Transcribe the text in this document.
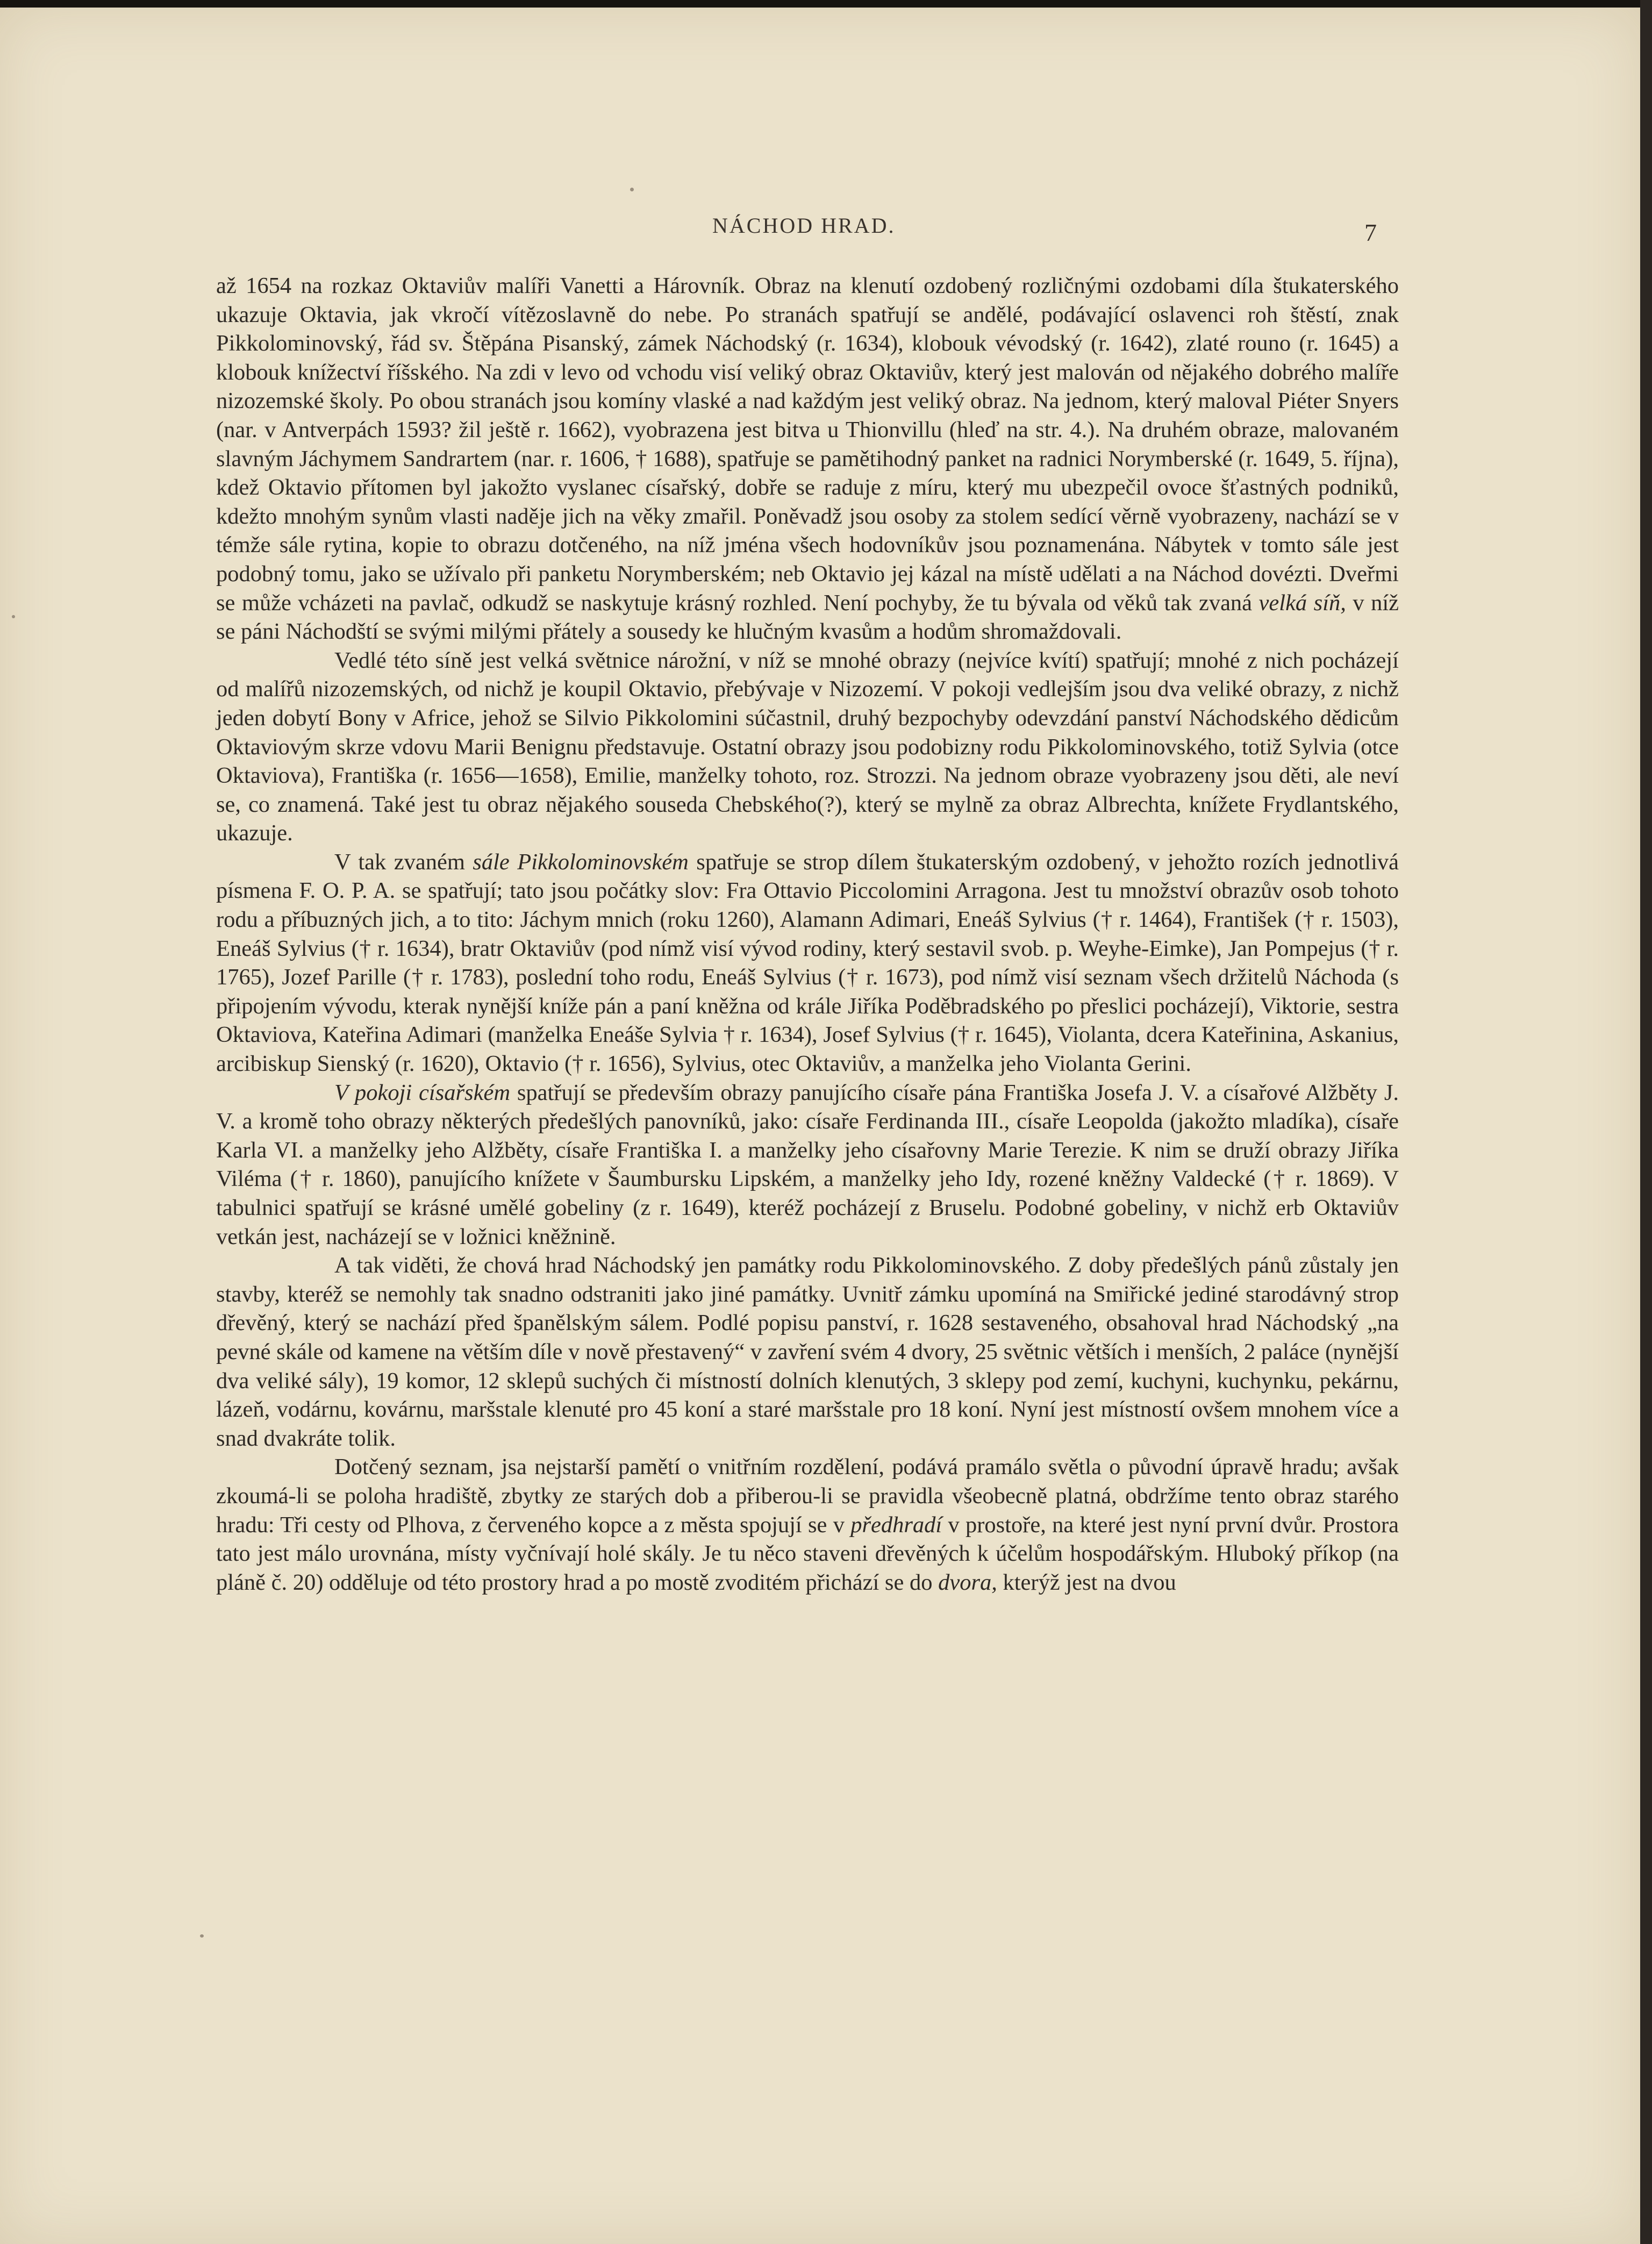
NÁCHOD HRAD.	7

až 1654 na rozkaz Oktaviův malíři Vanetti a Hárovník. Obraz na klenutí ozdobený rozličnými ozdobami díla štukaterského ukazuje Oktavia, jak vkročí vítězoslavně do nebe. Po stranách spatřují se andělé, podávající oslavenci roh štěstí, znak Pikkolominovský, řád sv. Štěpána Pisanský, zámek Náchodský (r. 1634), klobouk vévodský (r. 1642), zlaté rouno (r. 1645) a klobouk knížectví říšského. Na zdi v levo od vchodu visí veliký obraz Oktaviův, který jest malován od nějakého dobrého malíře nizozemské školy. Po obou stranách jsou komíny vlaské a nad každým jest veliký obraz. Na jednom, který maloval Piéter Snyers (nar. v Antverpách 1593? žil ještě r. 1662), vyobrazena jest bitva u Thionvillu (hleď na str. 4.). Na druhém obraze, malovaném slavným Jáchymem Sandrartem (nar. r. 1606, † 1688), spatřuje se pamětihodný panket na radnici Norymberské (r. 1649, 5. října), kdež Oktavio přítomen byl jakožto vyslanec císařský, dobře se raduje z míru, který mu ubezpečil ovoce šťastných podniků, kdežto mnohým synům vlasti naděje jich na věky zmařil. Poněvadž jsou osoby za stolem sedící věrně vyobrazeny, nachází se v témže sále rytina, kopie to obrazu dotčeného, na níž jména všech hodovníkův jsou poznamenána. Nábytek v tomto sále jest podobný tomu, jako se užívalo při panketu Norymberském; neb Oktavio jej kázal na místě udělati a na Náchod dovézti. Dveřmi se může vcházeti na pavlač, odkudž se naskytuje krásný rozhled. Není pochyby, že tu bývala od věků tak zvaná velká síň, v níž se páni Náchodští se svými milými přátely a sousedy ke hlučným kvasům a hodům shromaždovali.

Vedlé této síně jest velká světnice nárožní, v níž se mnohé obrazy (nejvíce kvítí) spatřují; mnohé z nich pocházejí od malířů nizozemských, od nichž je koupil Oktavio, přebývaje v Nizozemí. V pokoji vedlejším jsou dva veliké obrazy, z nichž jeden dobytí Bony v Africe, jehož se Silvio Pikkolomini súčastnil, druhý bezpochyby odevzdání panství Náchodského dědicům Oktaviovým skrze vdovu Marii Benignu představuje. Ostatní obrazy jsou podobizny rodu Pikkolominovského, totiž Sylvia (otce Oktaviova), Františka (r. 1656—1658), Emilie, manželky tohoto, roz. Strozzi. Na jednom obraze vyobrazeny jsou děti, ale neví se, co znamená. Také jest tu obraz nějakého souseda Chebského(?), který se mylně za obraz Albrechta, knížete Frydlantského, ukazuje.

V tak zvaném sále Pikkolominovském spatřuje se strop dílem štukaterským ozdobený, v jehožto rozích jednotlivá písmena F. O. P. A. se spatřují; tato jsou počátky slov: Fra Ottavio Piccolomini Arragona. Jest tu množství obrazův osob tohoto rodu a příbuzných jich, a to tito: Jáchym mnich (roku 1260), Alamann Adimari, Eneáš Sylvius († r. 1464), František († r. 1503), Eneáš Sylvius († r. 1634), bratr Oktaviův (pod nímž visí vývod rodiny, který sestavil svob. p. Weyhe-Eimke), Jan Pompejus († r. 1765), Jozef Parille († r. 1783), poslední toho rodu, Eneáš Sylvius († r. 1673), pod nímž visí seznam všech držitelů Náchoda (s připojením vývodu, kterak nynější kníže pán a paní kněžna od krále Jiříka Poděbradského po přeslici pocházejí), Viktorie, sestra Oktaviova, Kateřina Adimari (manželka Eneáše Sylvia † r. 1634), Josef Sylvius († r. 1645), Violanta, dcera Kateřinina, Askanius, arcibiskup Sienský (r. 1620), Oktavio († r. 1656), Sylvius, otec Oktaviův, a manželka jeho Violanta Gerini.

V pokoji císařském spatřují se především obrazy panujícího císaře pána Františka Josefa J. V. a císařové Alžběty J. V. a kromě toho obrazy některých předešlých panovníků, jako: císaře Ferdinanda III., císaře Leopolda (jakožto mladíka), císaře Karla VI. a manželky jeho Alžběty, císaře Františka I. a manželky jeho císařovny Marie Terezie. K nim se druží obrazy Jiříka Viléma († r. 1860), panujícího knížete v Šaumbursku Lipském, a manželky jeho Idy, rozené kněžny Valdecké († r. 1869). V tabulnici spatřují se krásné umělé gobeliny (z r. 1649), kteréž pocházejí z Bruselu. Podobné gobeliny, v nichž erb Oktaviův vetkán jest, nacházejí se v ložnici kněžnině.

A tak viděti, že chová hrad Náchodský jen památky rodu Pikkolominovského. Z doby předešlých pánů zůstaly jen stavby, kteréž se nemohly tak snadno odstraniti jako jiné památky. Uvnitř zámku upomíná na Smiřické jediné starodávný strop dřevěný, který se nachází před španělským sálem. Podlé popisu panství, r. 1628 sestaveného, obsahoval hrad Náchodský „na pevné skále od kamene na větším díle v nově přestavený“ v zavření svém 4 dvory, 25 světnic větších i menších, 2 paláce (nynější dva veliké sály), 19 komor, 12 sklepů suchých či místností dolních klenutých, 3 sklepy pod zemí, kuchyni, kuchynku, pekárnu, lázeň, vodárnu, kovárnu, maršstale klenuté pro 45 koní a staré maršstale pro 18 koní. Nyní jest místností ovšem mnohem více a snad dvakráte tolik.

Dotčený seznam, jsa nejstarší pamětí o vnitřním rozdělení, podává pramálo světla o původní úpravě hradu; avšak zkoumá-li se poloha hradiště, zbytky ze starých dob a přiberou-li se pravidla všeobecně platná, obdržíme tento obraz starého hradu: Tři cesty od Plhova, z červeného kopce a z města spojují se v předhradí v prostoře, na které jest nyní první dvůr. Prostora tato jest málo urovnána, místy vyčnívají holé skály. Je tu něco staveni dřevěných k účelům hospodářským. Hluboký příkop (na pláně č. 20) odděluje od této prostory hrad a po mostě zvoditém přichází se do dvora, kterýž jest na dvou
